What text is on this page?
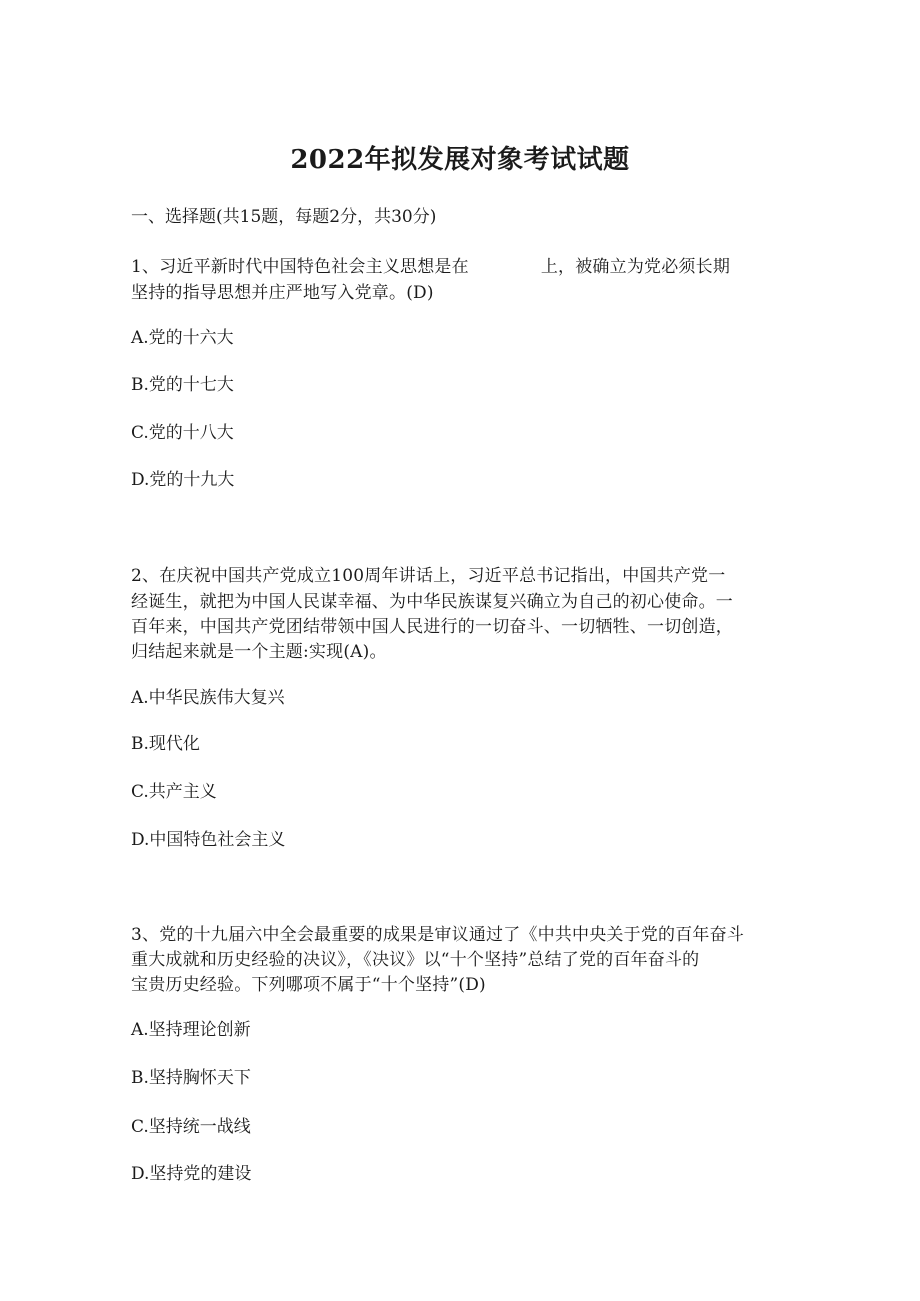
2022年拟发展对象考试试题
一、选择题(共15题，每题2分，共30分)
1、习近平新时代中国特色社会主义思想是在	上，被确立为党必须长期
坚持的指导思想并庄严地写入党章。(D)
A.党的十六大
B.党的十七大
C.党的十八大
D.党的十九大
2、在庆祝中国共产党成立100周年讲话上，习近平总书记指出，中国共产党一
经诞生，就把为中国人民谋幸福、为中华民族谋复兴确立为自己的初心使命。一
百年来，中国共产党团结带领中国人民进行的一切奋斗、一切牺牲、一切创造，
归结起来就是一个主题:实现(A)。
A.中华民族伟大复兴
B.现代化
C.共产主义
D.中国特色社会主义
3、党的十九届六中全会最重要的成果是审议通过了《中共中央关于党的百年奋斗
重大成就和历史经验的决议》，《决议》以“十个坚持”总结了党的百年奋斗的
宝贵历史经验。下列哪项不属于“十个坚持”(D)
A.坚持理论创新
B.坚持胸怀天下
C.坚持统一战线
D.坚持党的建设
